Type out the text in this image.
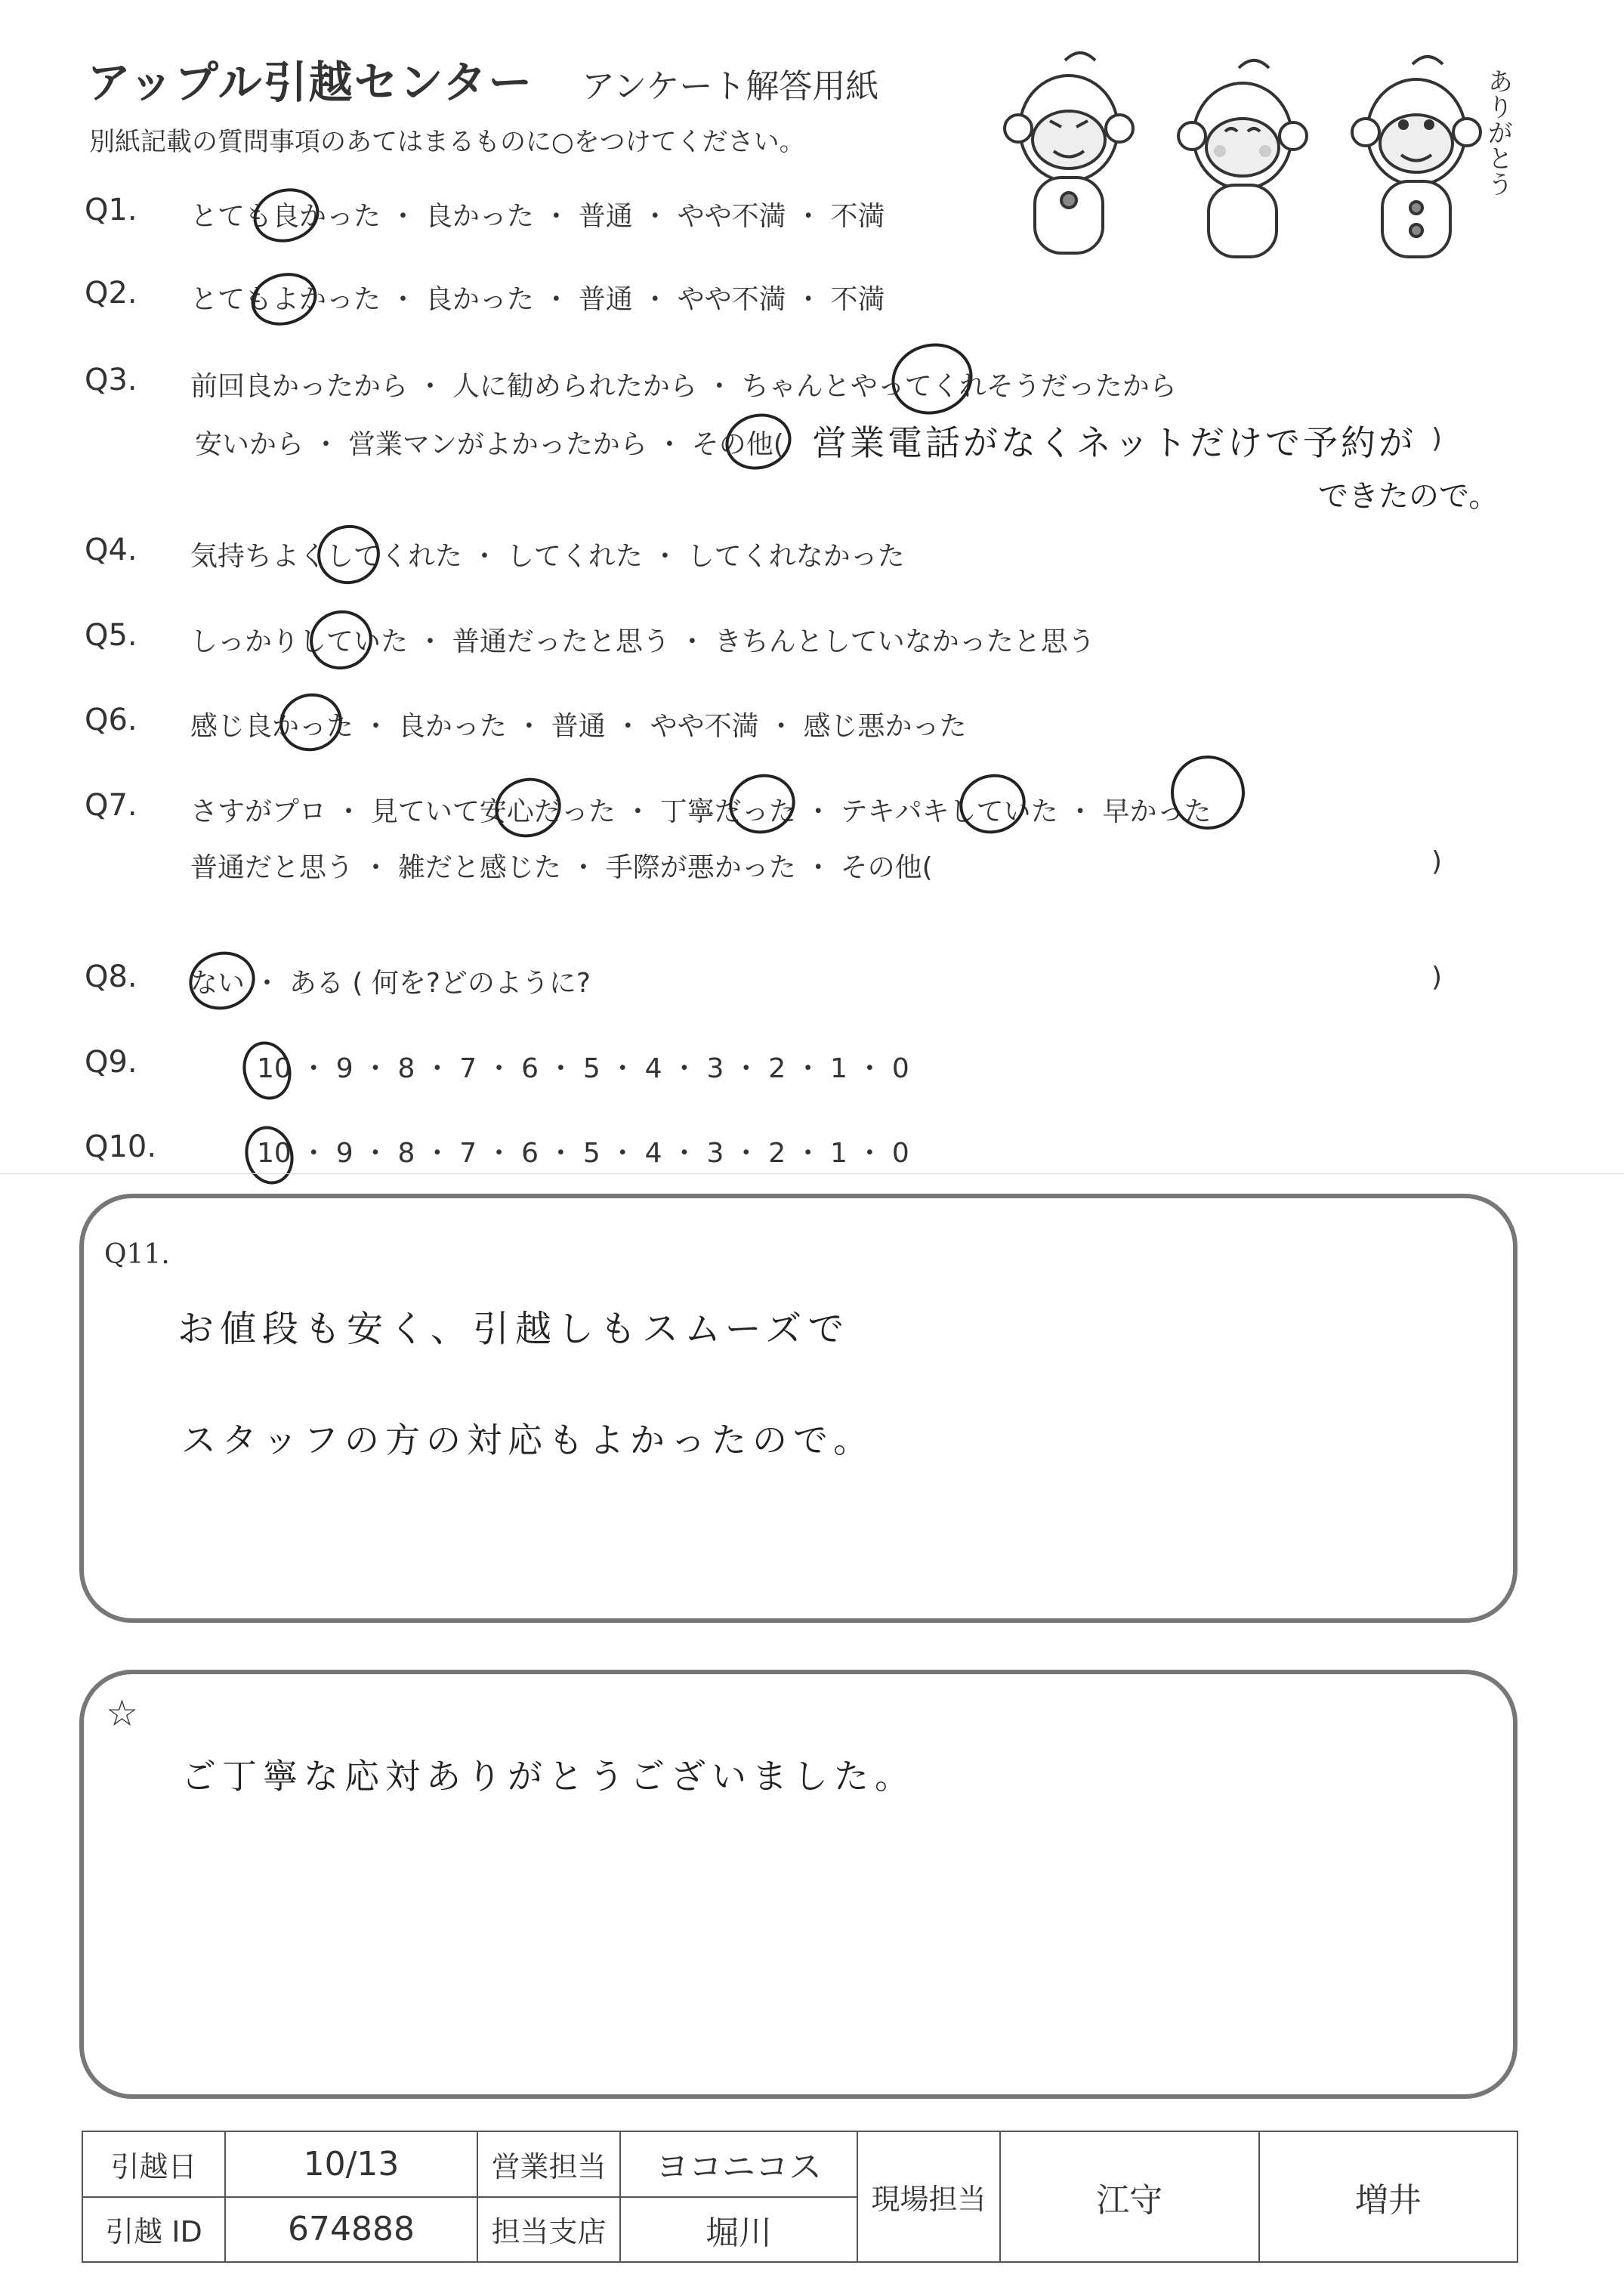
アップル引越センター アンケート解答用紙
別紙記載の質問事項のあてはまるものに○をつけてください。	ありがとう
Q1. とても良かった ・ 良かった ・ 普通 ・ やや不満 ・ 不満
Q2. とてもよかった ・ 良かった ・ 普通 ・ やや不満 ・ 不満
Q3. 前回良かったから ・ 人に勧められたから ・ ちゃんとやってくれそうだったから
安いから ・ 営業マンがよかったから ・ その他(	)
営業電話がなくネットだけで予約が
できたので。
Q4. 気持ちよくしてくれた ・ してくれた ・ してくれなかった
Q5. しっかりしていた ・ 普通だったと思う ・ きちんとしていなかったと思う
Q6. 感じ良かった ・ 良かった ・ 普通 ・ やや不満 ・ 感じ悪かった
Q7. さすがプロ ・ 見ていて安心だった ・ 丁寧だった ・ テキパキしていた ・ 早かった
普通だと思う ・ 雑だと感じた ・ 手際が悪かった ・ その他(	)
Q8. ない ・ ある ( 何を?どのように?	)
Q9.	10 ・ 9 ・ 8 ・ 7 ・ 6 ・ 5 ・ 4 ・ 3 ・ 2 ・ 1 ・ 0
Q10.	10 ・ 9 ・ 8 ・ 7 ・ 6 ・ 5 ・ 4 ・ 3 ・ 2 ・ 1 ・ 0
Q11.
お値段も安く、引越しもスムーズで
スタッフの方の対応もよかったので。
☆
ご丁寧な応対ありがとうございました。
引越日	10/13	営業担当	ヨコニコス	現場担当	江守	増井
引越 ID	674888	担当支店	堀川			
